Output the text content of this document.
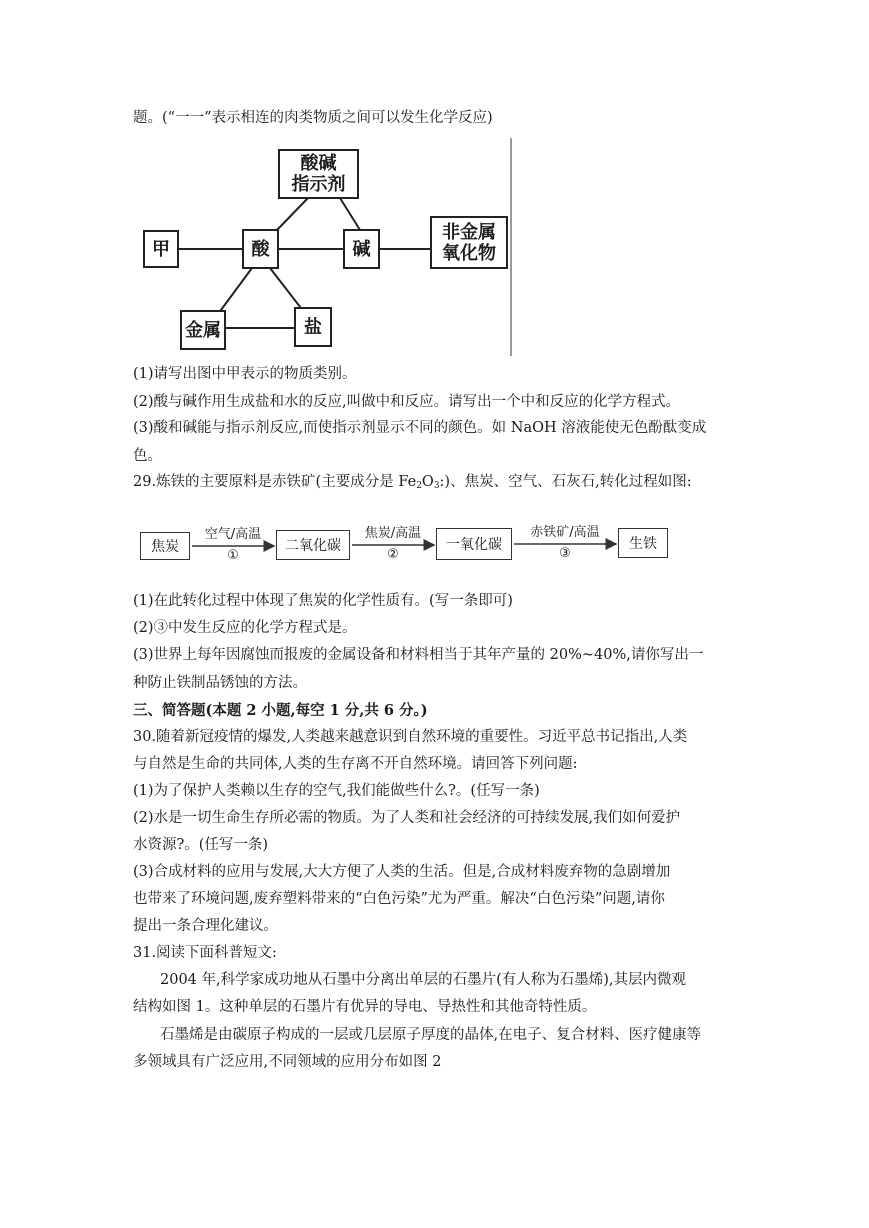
题。(“一一”表示相连的肉类物质之间可以发生化学反应)
酸碱
指示剂
甲	酸	碱
非金属
氧化物
金属	盐
(1)请写出图中甲表示的物质类别。
(2)酸与碱作用生成盐和水的反应,叫做中和反应。请写出一个中和反应的化学方程式。
(3)酸和碱能与指示剂反应,而使指示剂显示不同的颜色。如 NaOH 溶液能使无色酚酞变成
色。
29.炼铁的主要原料是赤铁矿(主要成分是 $Fe_2O_3$:)、焦炭、空气、石灰石,转化过程如图:
焦炭	二氧化碳	一氧化碳	生铁
空气/高温
①
焦炭/高温
②
赤铁矿/高温
③
(1)在此转化过程中体现了焦炭的化学性质有。(写一条即可)
(2)③中发生反应的化学方程式是。
(3)世界上每年因腐蚀而报废的金属设备和材料相当于其年产量的 20%~40%,请你写出一
种防止铁制品锈蚀的方法。
三、简答题(本题 2 小题,每空 1 分,共 6 分。)
30.随着新冠疫情的爆发,人类越来越意识到自然环境的重要性。习近平总书记指出,人类
与自然是生命的共同体,人类的生存离不开自然环境。请回答下列问题:
(1)为了保护人类赖以生存的空气,我们能做些什么?。(任写一条)
(2)水是一切生命生存所必需的物质。为了人类和社会经济的可持续发展,我们如何爱护
水资源?。(任写一条)
(3)合成材料的应用与发展,大大方便了人类的生活。但是,合成材料废弃物的急剧增加
也带来了环境问题,废弃塑料带来的“白色污染”尤为严重。解决“白色污染”问题,请你
提出一条合理化建议。
31.阅读下面科普短文:
2004 年,科学家成功地从石墨中分离出单层的石墨片(有人称为石墨烯),其层内微观
结构如图 1。这种单层的石墨片有优异的导电、导热性和其他奇特性质。
石墨烯是由碳原子构成的一层或几层原子厚度的晶体,在电子、复合材料、医疗健康等
多领域具有广泛应用,不同领域的应用分布如图 2
